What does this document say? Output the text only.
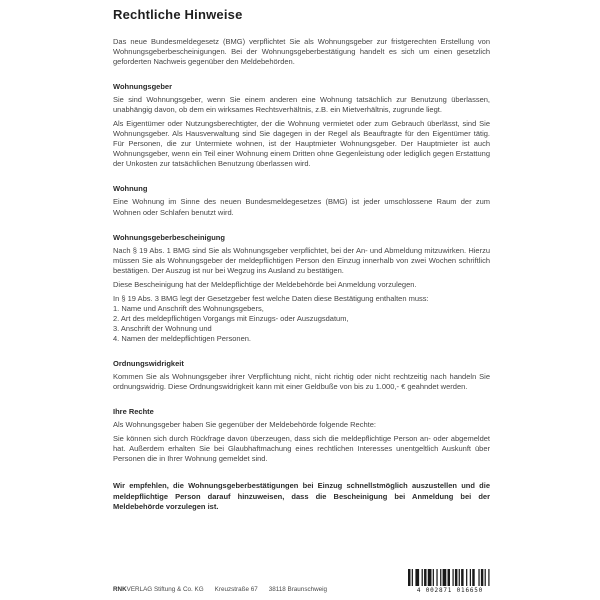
Rechtliche Hinweise

Das neue Bundesmeldegesetz (BMG) verpflichtet Sie als Wohnungsgeber zur fristgerechten Erstellung von Wohnungsgeberbescheinigungen. Bei der Wohnungsgeberbestätigung handelt es sich um einen gesetzlich geforderten Nachweis gegenüber den Meldebehörden.

Wohnungsgeber

Sie sind Wohnungsgeber, wenn Sie einem anderen eine Wohnung tatsächlich zur Benutzung überlassen, unabhängig davon, ob dem ein wirksames Rechtsverhältnis, z.B. ein Mietverhältnis, zugrunde liegt.

Als Eigentümer oder Nutzungsberechtigter, der die Wohnung vermietet oder zum Gebrauch überlässt, sind Sie Wohnungsgeber. Als Hausverwaltung sind Sie dagegen in der Regel als Beauftragte für den Eigentümer tätig. Für Personen, die zur Untermiete wohnen, ist der Hauptmieter Wohnungsgeber. Der Hauptmieter ist auch Wohnungsgeber, wenn ein Teil einer Wohnung einem Dritten ohne Gegenleistung oder lediglich gegen Erstattung der Unkosten zur tatsächlichen Benutzung überlassen wird.

Wohnung

Eine Wohnung im Sinne des neuen Bundesmeldegesetzes (BMG) ist jeder umschlossene Raum der zum Wohnen oder Schlafen benutzt wird.

Wohnungsgeberbescheinigung

Nach § 19 Abs. 1 BMG sind Sie als Wohnungsgeber verpflichtet, bei der An- und Abmeldung mitzuwirken. Hierzu müssen Sie als Wohnungsgeber der meldepflichtigen Person den Einzug innerhalb von zwei Wochen schriftlich bestätigen. Der Auszug ist nur bei Wegzug ins Ausland zu bestätigen.

Diese Bescheinigung hat der Meldepflichtige der Meldebehörde bei Anmeldung vorzulegen.

In § 19 Abs. 3 BMG legt der Gesetzgeber fest welche Daten diese Bestätigung enthalten muss:

1. Name und Anschrift des Wohnungsgebers,
2. Art des meldepflichtigen Vorgangs mit Einzugs- oder Auszugsdatum,
3. Anschrift der Wohnung und
4. Namen der meldepflichtigen Personen.
Ordnungswidrigkeit

Kommen Sie als Wohnungsgeber ihrer Verpflichtung nicht, nicht richtig oder nicht rechtzeitig nach handeln Sie ordnungswidrig. Diese Ordnungswidrigkeit kann mit einer Geldbuße von bis zu 1.000,- € geahndet werden.

Ihre Rechte

Als Wohnungsgeber haben Sie gegenüber der Meldebehörde folgende Rechte:

Sie können sich durch Rückfrage davon überzeugen, dass sich die meldepflichtige Person an- oder abgemeldet hat. Außerdem erhalten Sie bei Glaubhaftmachung eines rechtlichen Interesses unentgeltlich Auskunft über Personen die in Ihrer Wohnung gemeldet sind.

Wir empfehlen, die Wohnungsgeberbestätigungen bei Einzug schnellstmöglich auszustellen und die meldepflichtige Person darauf hinzuweisen, dass die Bescheinigung bei Anmeldung bei der Meldebehörde vorzulegen ist.

RNKVERLAG Stiftung & Co. KG Kreuzstraße 67 38118 Braunschweig	4 002871 016650
